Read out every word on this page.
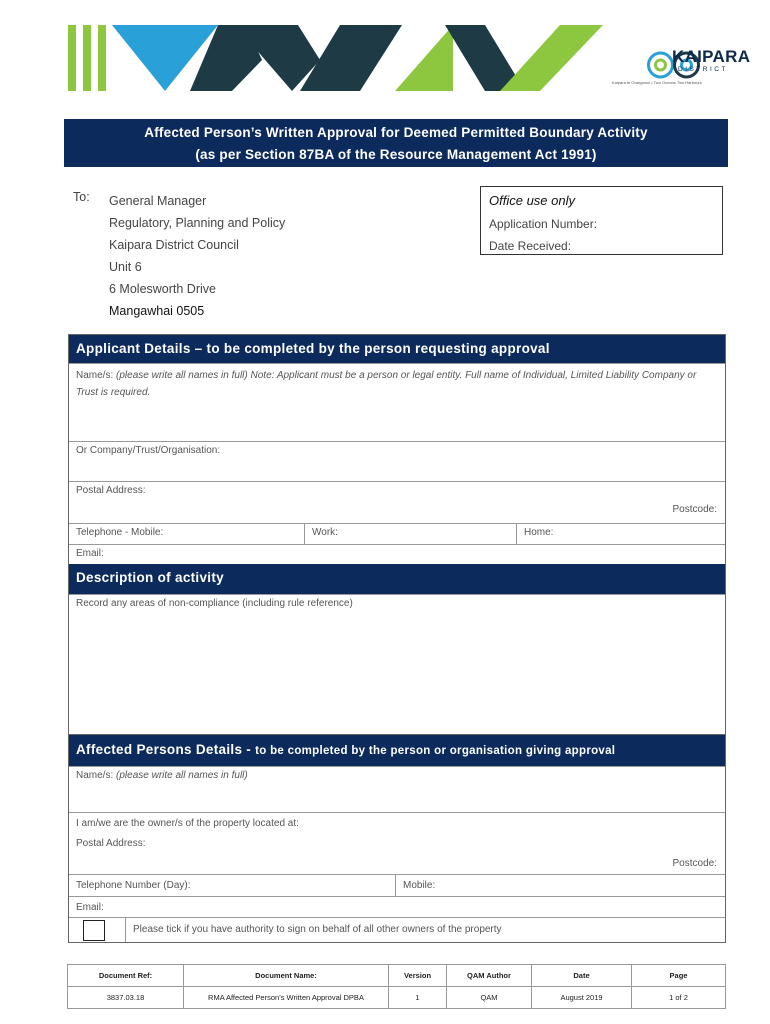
KAIPARA
DISTRICT
Kaipara te Oranganui • Two Oceans Two Harbours
Affected Person’s Written Approval for Deemed Permitted Boundary Activity
(as per Section 87BA of the Resource Management Act 1991)
To: General Manager
Regulatory, Planning and Policy
Kaipara District Council
Unit 6
6 Molesworth Drive
Mangawhai 0505
Office use only
Application Number:
Date Received:
Applicant Details – to be completed by the person requesting approval
Name/s: (please write all names in full) Note: Applicant must be a person or legal entity. Full name of Individual, Limited Liability Company or Trust is required.
Or Company/Trust/Organisation:
Postal Address:
Postcode:
Telephone - Mobile:	Work:	Home:
Email:
Description of activity
Record any areas of non-compliance (including rule reference)
Affected Persons Details - to be completed by the person or organisation giving approval
Name/s: (please write all names in full)
I am/we are the owner/s of the property located at:
Postal Address:
Postcode:
Telephone Number (Day):	Mobile:
Email:
Please tick if you have authority to sign on behalf of all other owners of the property
Document Ref:	Document Name:	Version	QAM Author	Date	Page
3837.03.18	RMA Affected Person’s Written Approval DPBA	1	QAM	August 2019	1 of 2
